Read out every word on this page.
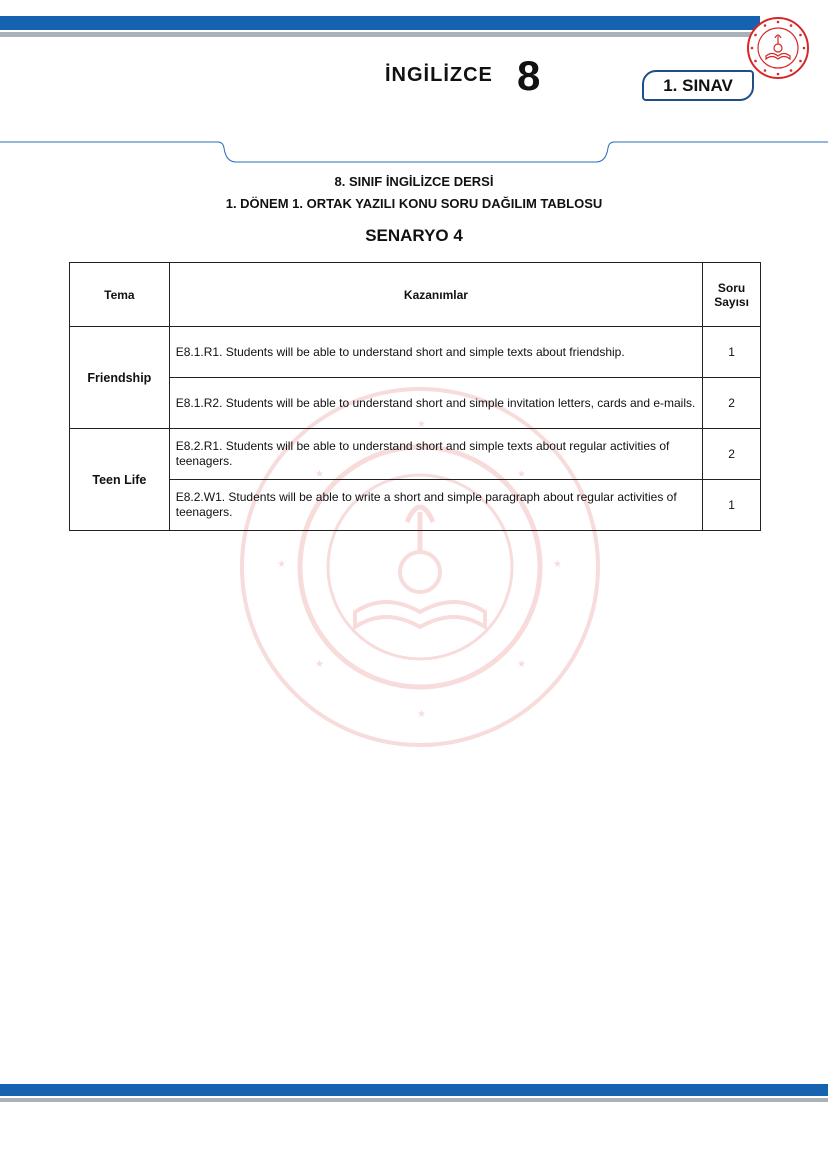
İNGİLİZCE 8	1. SINAV
8. SINIF İNGİLİZCE DERSİ
1. DÖNEM 1. ORTAK YAZILI KONU SORU DAĞILIM TABLOSU
SENARYO 4
★	★
★
★
★	★
★	★
Tema	Kazanımlar	Soru Sayısı
Friendship	E8.1.R1. Students will be able to understand short and simple texts about friendship.	1
	E8.1.R2. Students will be able to understand short and simple invitation letters, cards and e-mails.	2
Teen Life	E8.2.R1. Students will be able to understand short and simple texts about regular activities of teenagers.	2
	E8.2.W1. Students will be able to write a short and simple paragraph about regular activities of teenagers.	1
